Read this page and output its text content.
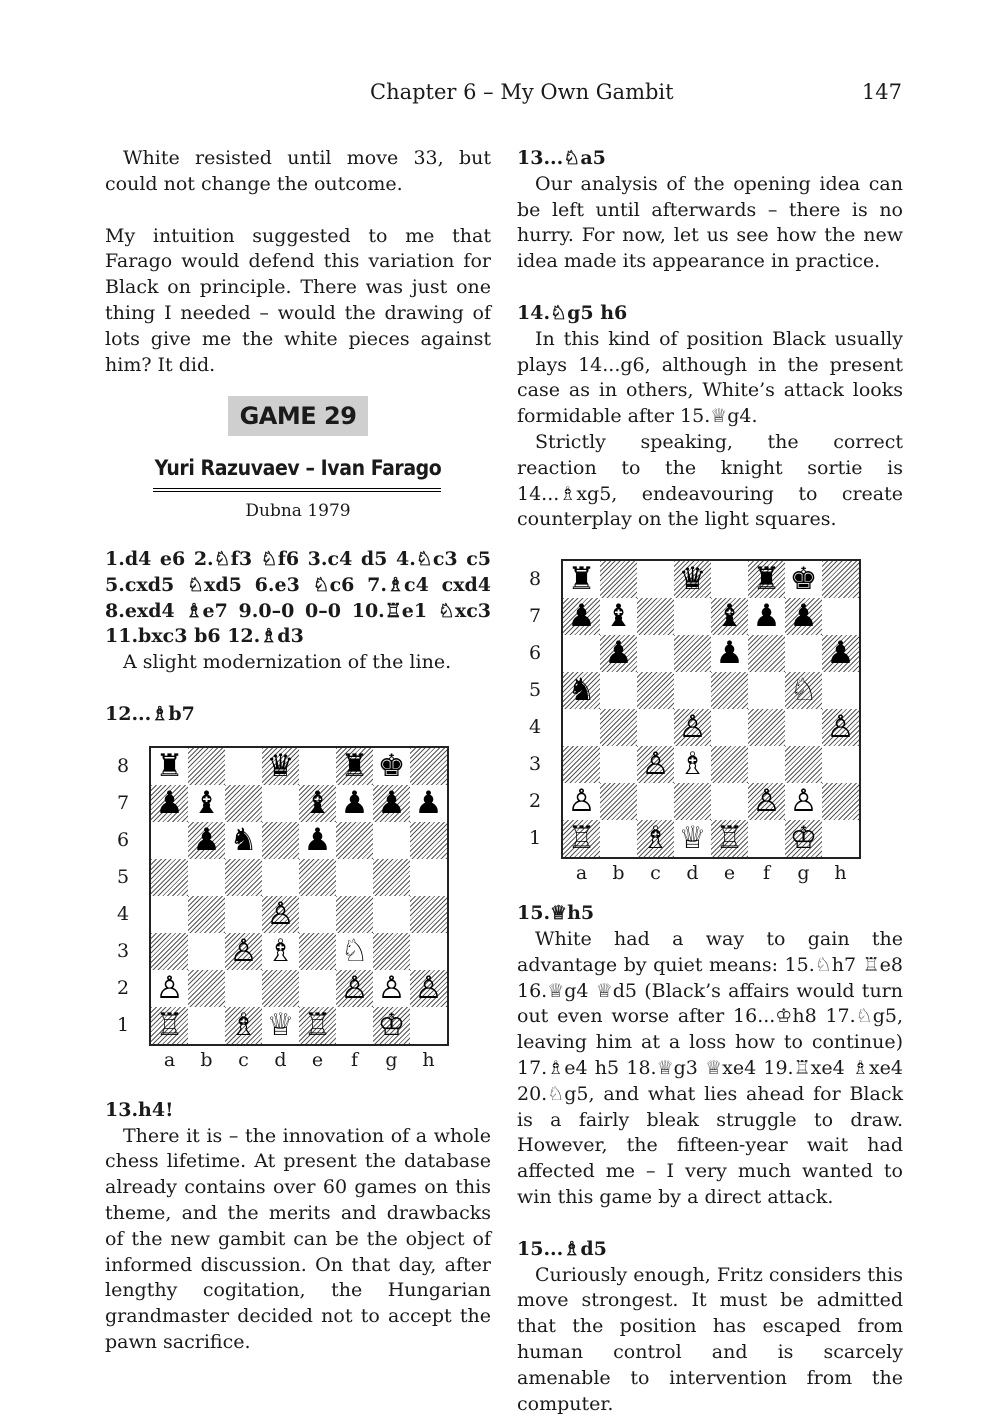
Chapter 6 – My Own Gambit	147

White resisted until move 33, but could not change the outcome.

My intuition suggested to me that Farago would defend this variation for Black on principle. There was just one thing I needed – would the drawing of lots give me the white pieces against him? It did.

GAME 29
Yuri Razuvaev – Ivan Farago
Dubna 1979

1.d4 e6 2.♘f3 ♘f6 3.c4 d5 4.♘c3 c5 5.cxd5 ♘xd5 6.e3 ♘c6 7.♗c4 cxd4 8.exd4 ♗e7 9.0–0 0–0 10.♖e1 ♘xc3 11.bxc3 b6 12.♗d3

A slight modernization of the line.

12...♗b7

8
7
6
5
4
3
2
1
♜	♛ ♜ ♚
♟ ♝	♝ ♟ ♟ ♟
♟ ♞ ♟
♙
♙ ♗ ♘
♙	♙ ♙ ♙
♖ ♗ ♕ ♖ ♔
a	b	c	d	e	f	g	h

13.h4!

There it is – the innovation of a whole chess lifetime. At present the database already contains over 60 games on this theme, and the merits and drawbacks of the new gambit can be the object of informed discussion. On that day, after lengthy cogitation, the Hungarian grandmaster decided not to accept the pawn sacrifice.

13...♘a5

Our analysis of the opening idea can be left until afterwards – there is no hurry. For now, let us see how the new idea made its appearance in practice.

14.♘g5 h6

In this kind of position Black usually plays 14...g6, although in the present case as in others, White’s attack looks formidable after 15.♕g4.

Strictly speaking, the correct reaction to the knight sortie is 14...♗xg5, endeavouring to create counterplay on the light squares.

8
7
6
5
4
3
2
1
♜	♛ ♜ ♚
♟ ♝	♝ ♟ ♟
♟	♟	♟
♞	♘
♙	♙
♙ ♗
♙	♙ ♙
♖ ♗ ♕ ♖ ♔
a	b	c	d	e	f	g	h

15.♕h5

White had a way to gain the advantage by quiet means: 15.♘h7 ♖e8 16.♕g4 ♕d5 (Black’s affairs would turn out even worse after 16...♔h8 17.♘g5, leaving him at a loss how to continue) 17.♗e4 h5 18.♕g3 ♕xe4 19.♖xe4 ♗xe4 20.♘g5, and what lies ahead for Black is a fairly bleak struggle to draw. However, the fifteen-year wait had affected me – I very much wanted to win this game by a direct attack.

15...♗d5

Curiously enough, Fritz considers this move strongest. It must be admitted that the position has escaped from human control and is scarcely amenable to intervention from the computer.
